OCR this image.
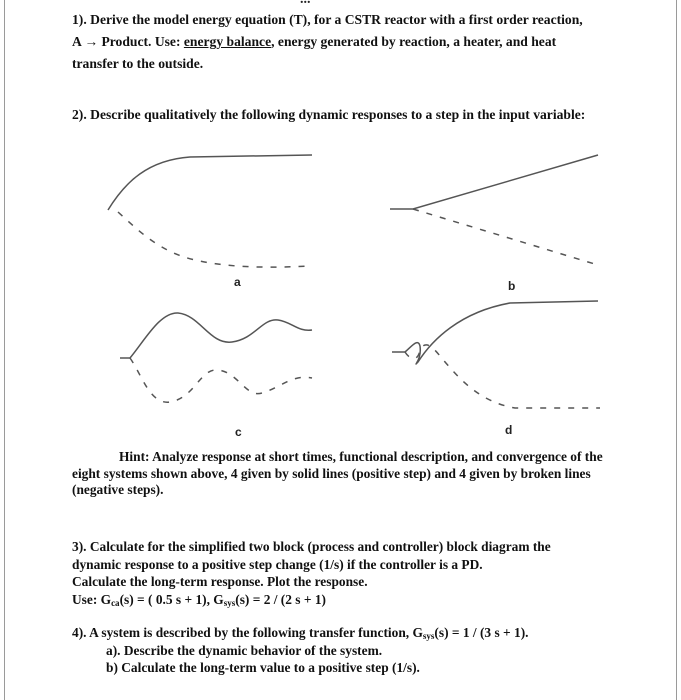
1). Derive the model energy equation (T), for a CSTR reactor with a first order reaction,
A → Product. Use: energy balance, energy generated by reaction, a heater, and heat
transfer to the outside.
2). Describe qualitatively the following dynamic responses to a step in the input variable:
a	b
c	d
Hint: Analyze response at short times, functional description, and convergence of the eight systems shown above, 4 given by solid lines (positive step) and 4 given by broken lines (negative steps).
3). Calculate for the simplified two block (process and controller) block diagram the
dynamic response to a positive step change (1/s) if the controller is a PD.
Calculate the long-term response. Plot the response.
Use: $G_{ca}(s)$ = ( 0.5 s + 1), $G_{sys}(s) = 2 / (2$ s + 1)
4). A system is described by the following transfer function, $G_{sys}(s) = 1 / (3$ s + 1).
a). Describe the dynamic behavior of the system.
b) Calculate the long-term value to a positive step (1/s).
